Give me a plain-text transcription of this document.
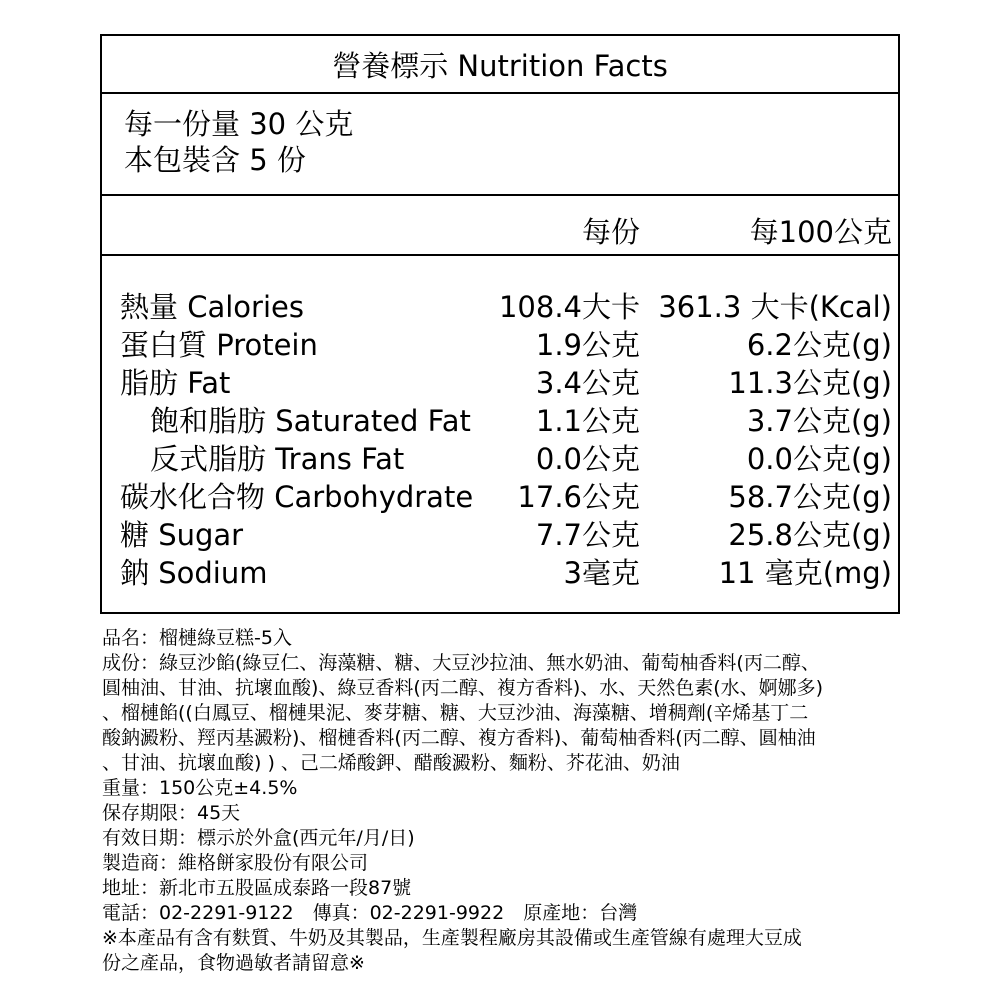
營養標示 Nutrition Facts
每一份量 30 公克
本包裝含 5 份
每份	每100公克
熱量 Calories	108.4大卡 361.3 大卡(Kcal)
蛋白質 Protein	1.9公克	6.2公克(g)
脂肪 Fat	3.4公克	11.3公克(g)
飽和脂肪 Saturated Fat 1.1公克	3.7公克(g)
反式脂肪 Trans Fat	0.0公克	0.0公克(g)
碳水化合物 Carbohydrate 17.6公克	58.7公克(g)
糖 Sugar	7.7公克	25.8公克(g)
鈉 Sodium	3毫克	11 毫克(mg)
品名：榴槤綠豆糕-5入
成份：綠豆沙餡(綠豆仁、海藻糖、糖、大豆沙拉油、無水奶油、葡萄柚香料(丙二醇、
圓柚油、甘油、抗壞血酸)、綠豆香料(丙二醇、複方香料)、水、天然色素(水、婀娜多)
、榴槤餡((白鳳豆、榴槤果泥、麥芽糖、糖、大豆沙油、海藻糖、增稠劑(辛烯基丁二
酸鈉澱粉、羥丙基澱粉)、榴槤香料(丙二醇、複方香料)、葡萄柚香料(丙二醇、圓柚油
、甘油、抗壞血酸) ) 、己二烯酸鉀、醋酸澱粉、麵粉、芥花油、奶油
重量：150公克±4.5%
保存期限：45天
有效日期：標示於外盒(西元年/月/日)
製造商：維格餅家股份有限公司
地址：新北市五股區成泰路一段87號
電話：02-2291-9122　傳真：02-2291-9922　原產地：台灣
※本產品有含有麩質、牛奶及其製品，生產製程廠房其設備或生產管線有處理大豆成
份之產品，食物過敏者請留意※
